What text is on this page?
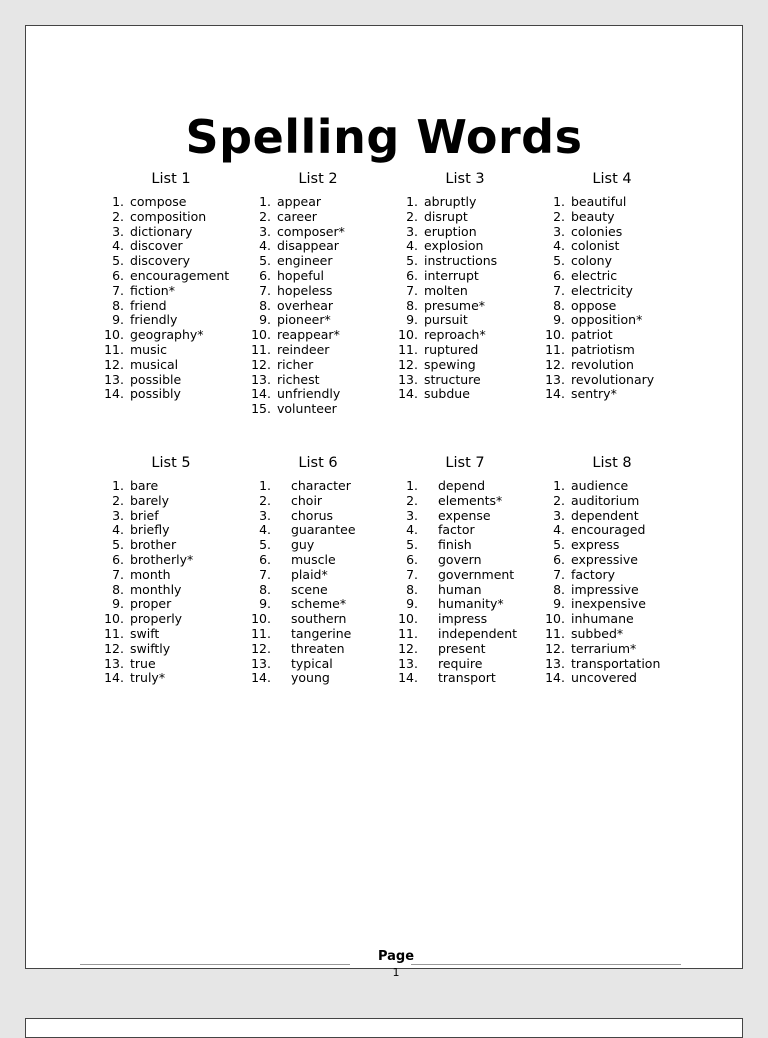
Spelling Words
List 1
1. compose
2. composition
3. dictionary
4. discover
5. discovery
6. encouragement
7. fiction*
8. friend
9. friendly
10. geography*
11. music
12. musical
13. possible
14. possibly
List 2
1. appear
2. career
3. composer*
4. disappear
5. engineer
6. hopeful
7. hopeless
8. overhear
9. pioneer*
10. reappear*
11. reindeer
12. richer
13. richest
14. unfriendly
15. volunteer
List 3
1. abruptly
2. disrupt
3. eruption
4. explosion
5. instructions
6. interrupt
7. molten
8. presume*
9. pursuit
10. reproach*
11. ruptured
12. spewing
13. structure
14. subdue
List 4
1. beautiful
2. beauty
3. colonies
4. colonist
5. colony
6. electric
7. electricity
8. oppose
9. opposition*
10. patriot
11. patriotism
12. revolution
13. revolutionary
14. sentry*
List 5
1. bare
2. barely
3. brief
4. briefly
5. brother
6. brotherly*
7. month
8. monthly
9. proper
10. properly
11. swift
12. swiftly
13. true
14. truly*
List 6
1. character
2. choir
3. chorus
4. guarantee
5. guy
6. muscle
7. plaid*
8. scene
9. scheme*
10. southern
11. tangerine
12. threaten
13. typical
14. young
List 7
1. depend
2. elements*
3. expense
4. factor
5. finish
6. govern
7. government
8. human
9. humanity*
10. impress
11. independent
12. present
13. require
14. transport
List 8
1. audience
2. auditorium
3. dependent
4. encouraged
5. express
6. expressive
7. factory
8. impressive
9. inexpensive
10. inhumane
11. subbed*
12. terrarium*
13. transportation
14. uncovered
Page
1
